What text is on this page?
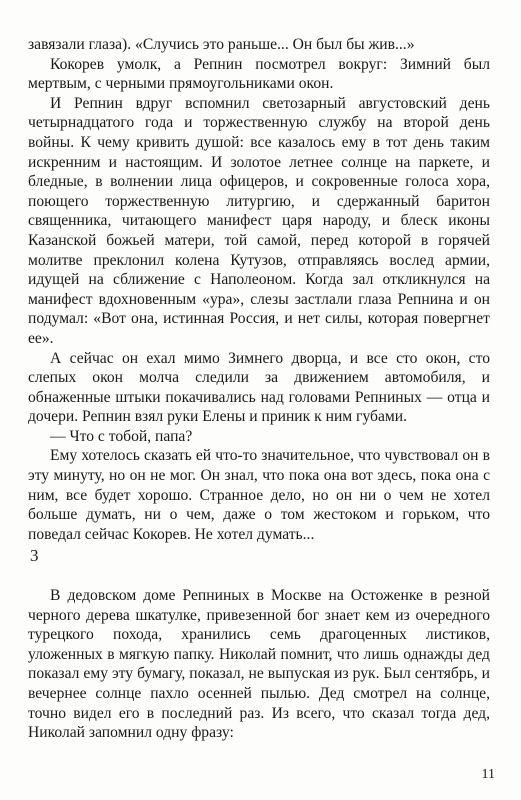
завязали глаза). «Случись это раньше... Он был бы жив...»

Кокорев умолк, а Репнин посмотрел вокруг: Зимний был мертвым, с черными прямоугольниками окон.

И Репнин вдруг вспомнил светозарный августовский день четырнадцатого года и торжественную службу на второй день войны. К чему кривить душой: все казалось ему в тот день таким искренним и настоящим. И золотое летнее солнце на паркете, и бледные, в волнении лица офицеров, и сокровенные голоса хора, поющего торжественную литургию, и сдержанный баритон священника, читающего манифест царя народу, и блеск иконы Казанской божьей матери, той самой, перед которой в горячей молитве преклонил колена Кутузов, отправляясь вослед армии, идущей на сближение с Наполеоном. Когда зал откликнулся на манифест вдохновенным «ура», слезы застлали глаза Репнина и он подумал: «Вот она, истинная Россия, и нет силы, которая повергнет ее».

А сейчас он ехал мимо Зимнего дворца, и все сто окон, сто слепых окон молча следили за движением автомобиля, и обнаженные штыки покачивались над головами Репниных — отца и дочери. Репнин взял руки Елены и приник к ним губами.

— Что с тобой, папа?

Ему хотелось сказать ей что-то значительное, что чувствовал он в эту минуту, но он не мог. Он знал, что пока она вот здесь, пока она с ним, все будет хорошо. Странное дело, но он ни о чем не хотел больше думать, ни о чем, даже о том жестоком и горьком, что поведал сейчас Кокорев. Не хотел думать...

3

В дедовском доме Репниных в Москве на Остоженке в резной черного дерева шкатулке, привезенной бог знает кем из очередного турецкого похода, хранились семь драгоценных листиков, уложенных в мягкую папку. Николай помнит, что лишь однажды дед показал ему эту бумагу, показал, не выпуская из рук. Был сентябрь, и вечернее солнце пахло осенней пылью. Дед смотрел на солнце, точно видел его в последний раз. Из всего, что сказал тогда дед, Николай запомнил одну фразу:

11
